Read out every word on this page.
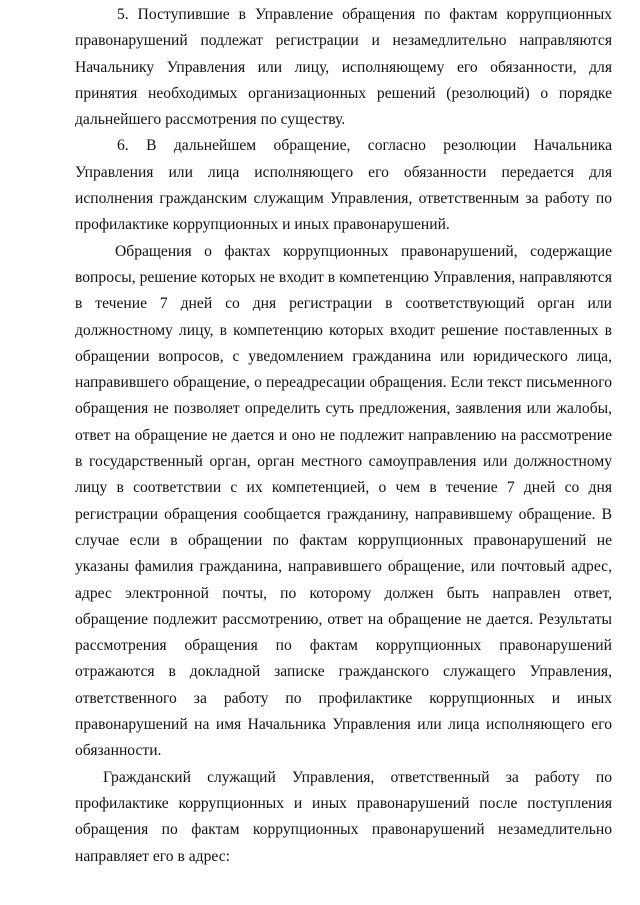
5. Поступившие в Управление обращения по фактам коррупционных правонарушений подлежат регистрации и незамедлительно направляются Начальнику Управления или лицу, исполняющему его обязанности, для принятия необходимых организационных решений (резолюций) о порядке дальнейшего рассмотрения по существу.

6. В дальнейшем обращение, согласно резолюции Начальника Управления или лица исполняющего его обязанности передается для исполнения гражданским служащим Управления, ответственным за работу по профилактике коррупционных и иных правонарушений.

Обращения о фактах коррупционных правонарушений, содержащие вопросы, решение которых не входит в компетенцию Управления, направляются в течение 7 дней со дня регистрации в соответствующий орган или должностному лицу, в компетенцию которых входит решение поставленных в обращении вопросов, с уведомлением гражданина или юридического лица, направившего обращение, о переадресации обращения. Если текст письменного обращения не позволяет определить суть предложения, заявления или жалобы, ответ на обращение не дается и оно не подлежит направлению на рассмотрение в государственный орган, орган местного самоуправления или должностному лицу в соответствии с их компетенцией, о чем в течение 7 дней со дня регистрации обращения сообщается гражданину, направившему обращение. В случае если в обращении по фактам коррупционных правонарушений не указаны фамилия гражданина, направившего обращение, или почтовый адрес, адрес электронной почты, по которому должен быть направлен ответ, обращение подлежит рассмотрению, ответ на обращение не дается. Результаты рассмотрения обращения по фактам коррупционных правонарушений отражаются в докладной записке гражданского служащего Управления, ответственного за работу по профилактике коррупционных и иных правонарушений на имя Начальника Управления или лица исполняющего его обязанности.

Гражданский служащий Управления, ответственный за работу по профилактике коррупционных и иных правонарушений после поступления обращения по фактам коррупционных правонарушений незамедлительно направляет его в адрес:
